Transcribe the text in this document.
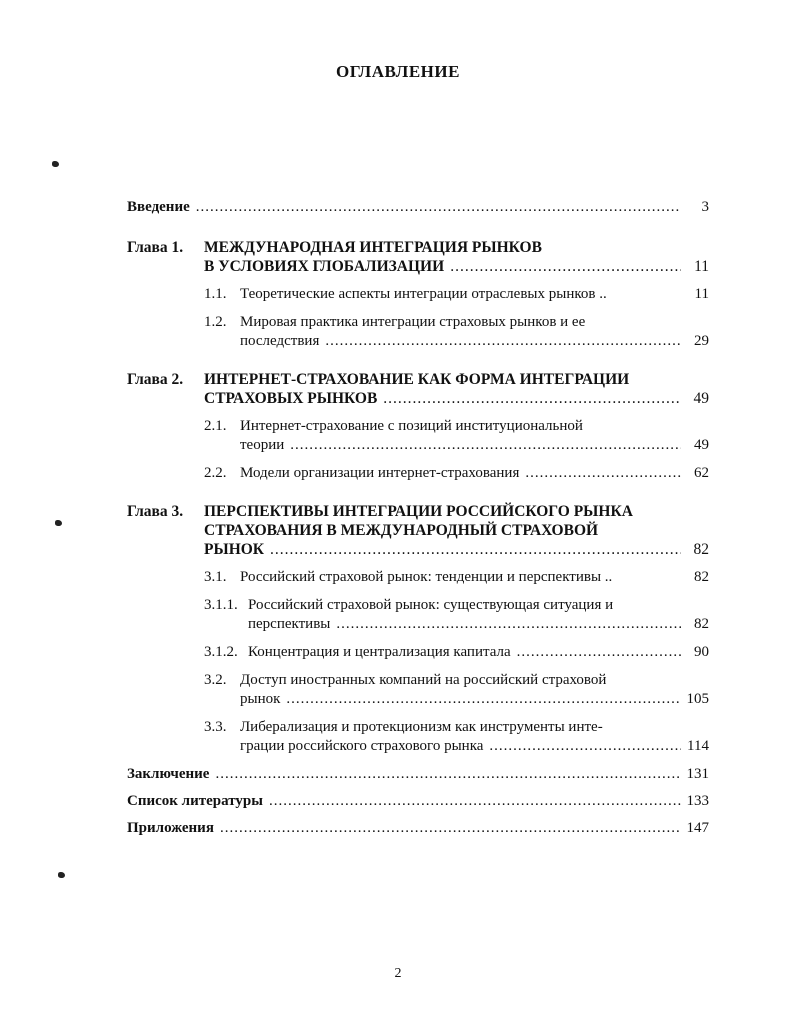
ОГЛАВЛЕНИЕ
Введение .....	3
Глава 1.	МЕЖДУНАРОДНАЯ ИНТЕГРАЦИЯ РЫНКОВ
В УСЛОВИЯХ ГЛОБАЛИЗАЦИИ .....	11
1.1. Теоретические аспекты интеграции отраслевых рынков ..	11
1.2. Мировая практика интеграции страховых рынков и ее
последствия .....	29
Глава 2.	ИНТЕРНЕТ-СТРАХОВАНИЕ КАК ФОРМА ИНТЕГРАЦИИ
СТРАХОВЫХ РЫНКОВ .....	49
2.1. Интернет-страхование с позиций институциональной
теории .....	49
2.2. Модели организации интернет-страхования .....	62
Глава 3.	ПЕРСПЕКТИВЫ ИНТЕГРАЦИИ РОССИЙСКОГО РЫНКА
СТРАХОВАНИЯ В МЕЖДУНАРОДНЫЙ СТРАХОВОЙ
РЫНОК .....	82
3.1. Российский страховой рынок: тенденции и перспективы ..	82
3.1.1. Российский страховой рынок: существующая ситуация и
перспективы .....	82
3.1.2. Концентрация и централизация капитала .....	90
3.2. Доступ иностранных компаний на российский страховой
рынок .....	105
3.3. Либерализация и протекционизм как инструменты инте-
грации российского страхового рынка .....	114
Заключение .....	131
Список литературы .....	133
Приложения .....	147
2
